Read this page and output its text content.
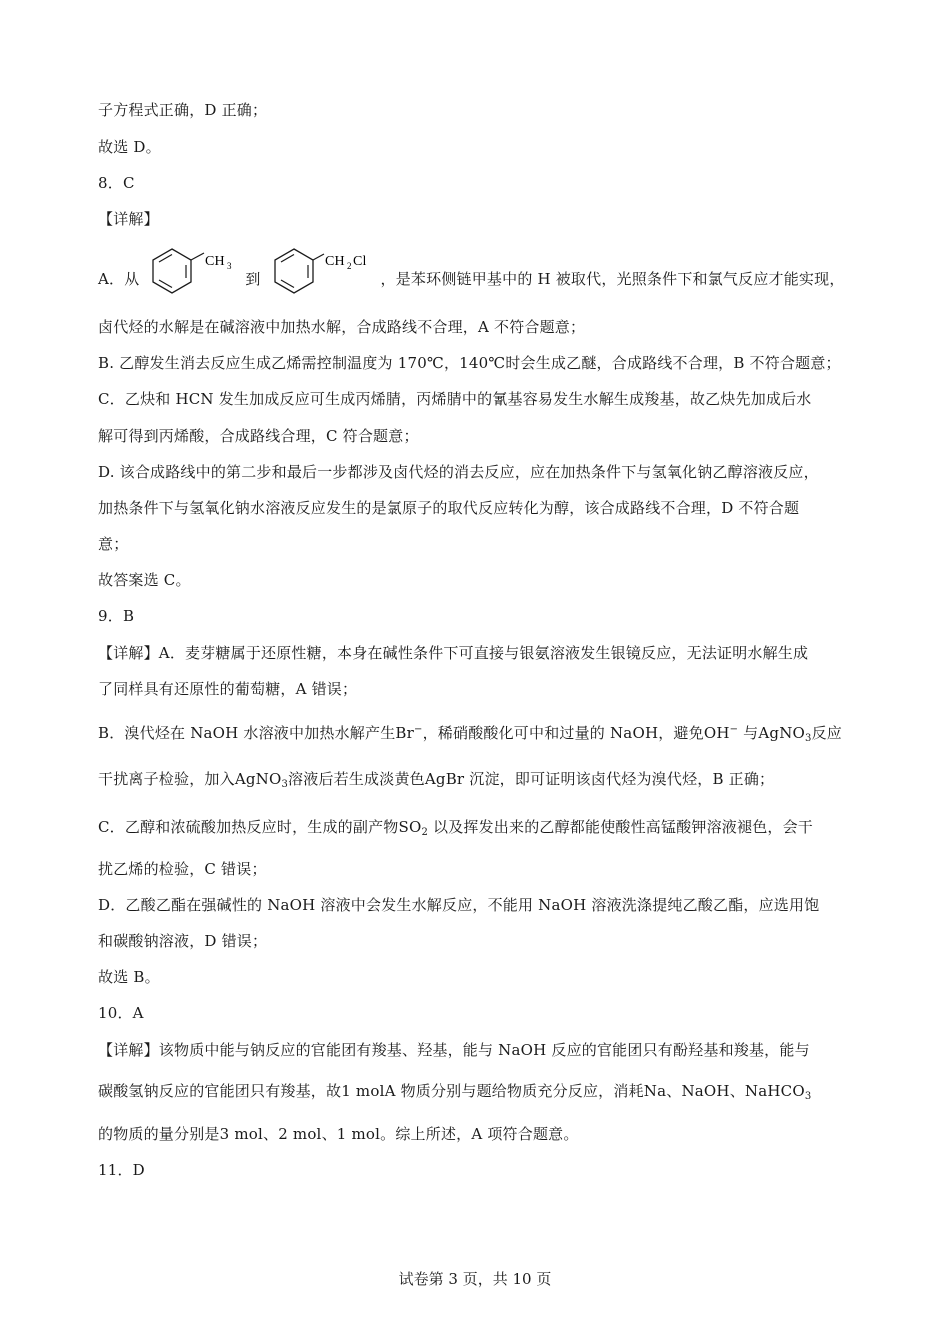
子方程式正确，D 正确；
故选 D。
8．C
【详解】
A．从
CH 3
到
CH 2 Cl
，是苯环侧链甲基中的 H 被取代，光照条件下和氯气反应才能实现，
卤代烃的水解是在碱溶液中加热水解，合成路线不合理，A 不符合题意；
B. 乙醇发生消去反应生成乙烯需控制温度为 170℃，140℃时会生成乙醚，合成路线不合理，B 不符合题意；
C．乙炔和 HCN 发生加成反应可生成丙烯腈，丙烯腈中的氰基容易发生水解生成羧基，故乙炔先加成后水
解可得到丙烯酸，合成路线合理，C 符合题意；
D. 该合成路线中的第二步和最后一步都涉及卤代烃的消去反应，应在加热条件下与氢氧化钠乙醇溶液反应，
加热条件下与氢氧化钠水溶液反应发生的是氯原子的取代反应转化为醇，该合成路线不合理，D 不符合题
意；
故答案选 C。
9．B
【详解】A．麦芽糖属于还原性糖，本身在碱性条件下可直接与银氨溶液发生银镜反应，无法证明水解生成
了同样具有还原性的葡萄糖，A 错误；
B．溴代烃在 NaOH 水溶液中加热水解产生Br−，稀硝酸酸化可中和过量的 NaOH，避免OH− 与AgNO$_3$反应
干扰离子检验，加入AgNO$_3$溶液后若生成淡黄色AgBr 沉淀，即可证明该卤代烃为溴代烃，B 正确；
C．乙醇和浓硫酸加热反应时，生成的副产物$SO_2$ 以及挥发出来的乙醇都能使酸性高锰酸钾溶液褪色，会干
扰乙烯的检验，C 错误；
D．乙酸乙酯在强碱性的 NaOH 溶液中会发生水解反应，不能用 NaOH 溶液洗涤提纯乙酸乙酯，应选用饱
和碳酸钠溶液，D 错误；
故选 B。
10．A
【详解】该物质中能与钠反应的官能团有羧基、羟基，能与 NaOH 反应的官能团只有酚羟基和羧基，能与
碳酸氢钠反应的官能团只有羧基，故1 molA 物质分别与题给物质充分反应，消耗Na、NaOH、NaHCO$_3$
的物质的量分别是3 mol、2 mol、1 mol。综上所述，A 项符合题意。
11．D
试卷第 3 页，共 10 页
